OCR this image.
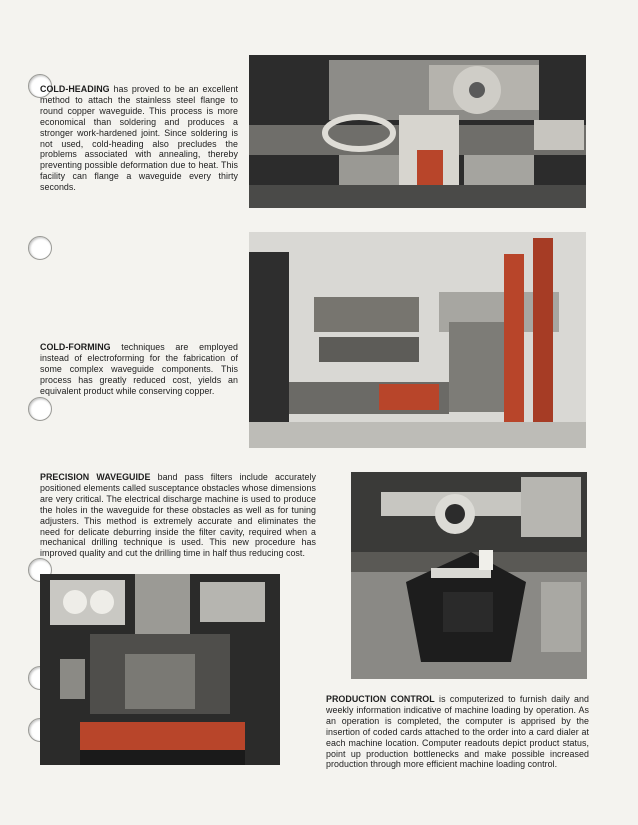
COLD-HEADING has proved to be an excellent method to attach the stainless steel flange to round copper waveguide. This process is more economical than soldering and produces a stronger work-hardened joint. Since soldering is not used, cold-heading also precludes the problems associated with annealing, thereby preventing possible deformation due to heat. This facility can flange a waveguide every thirty seconds.
COLD-FORMING techniques are employed instead of electroforming for the fabrication of some complex waveguide components. This process has greatly reduced cost, yields an equivalent product while conserving copper.
PRECISION WAVEGUIDE band pass filters include accurately positioned elements called susceptance obstacles whose dimensions are very critical. The electrical discharge machine is used to produce the holes in the waveguide for these obstacles as well as for tuning adjusters. This method is extremely accurate and eliminates the need for delicate deburring inside the filter cavity, required when a mechanical drilling technique is used. This new procedure has improved quality and cut the drilling time in half thus reducing cost.
PRODUCTION CONTROL is computerized to furnish daily and weekly information indicative of machine loading by operation. As an operation is completed, the computer is apprised by the insertion of coded cards attached to the order into a card dialer at each machine location. Computer readouts depict product status, point up production bottlenecks and make possible increased production through more efficient machine loading control.
